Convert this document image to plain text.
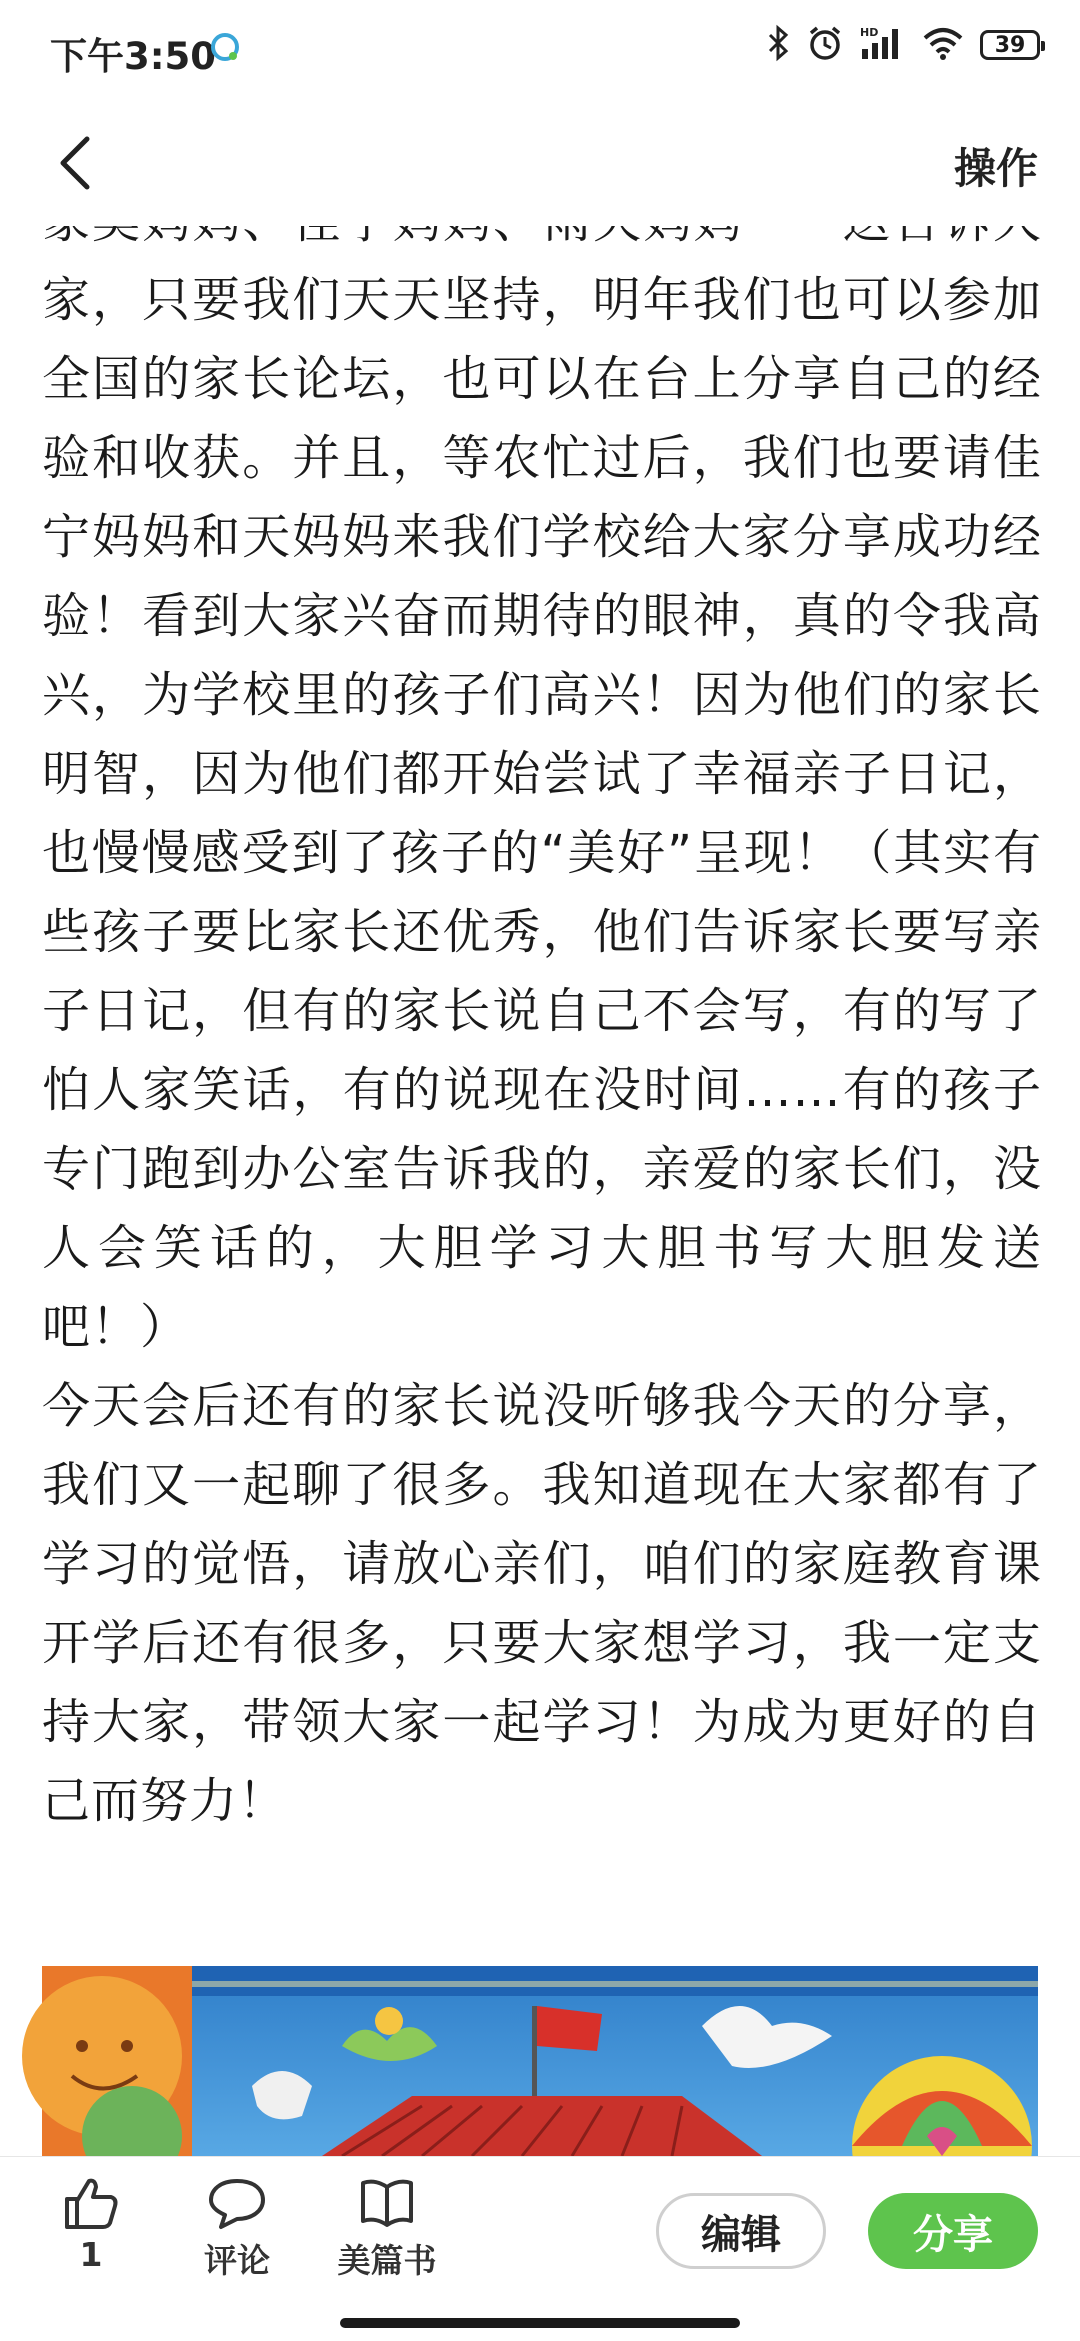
下午3:50
HD	39
操作

家，只要我们天天坚持，明年我们也可以参加全国的家长论坛，也可以在台上分享自己的经验和收获。并且，等农忙过后，我们也要请佳宁妈妈和天妈妈来我们学校给大家分享成功经验！看到大家兴奋而期待的眼神，真的令我高兴，为学校里的孩子们高兴！因为他们的家长明智，因为他们都开始尝试了幸福亲子日记，也慢慢感受到了孩子的“美好”呈现！（其实有些孩子要比家长还优秀，他们告诉家长要写亲子日记，但有的家长说自己不会写，有的写了怕人家笑话，有的说现在没时间……有的孩子专门跑到办公室告诉我的，亲爱的家长们，没人会笑话的，大胆学习大胆书写大胆发送吧！）

今天会后还有的家长说没听够我今天的分享，我们又一起聊了很多。我知道现在大家都有了学习的觉悟，请放心亲们，咱们的家庭教育课开学后还有很多，只要大家想学习，我一定支持大家，带领大家一起学习！为成为更好的自己而努力！

1	评论 美篇书
编辑	分享
